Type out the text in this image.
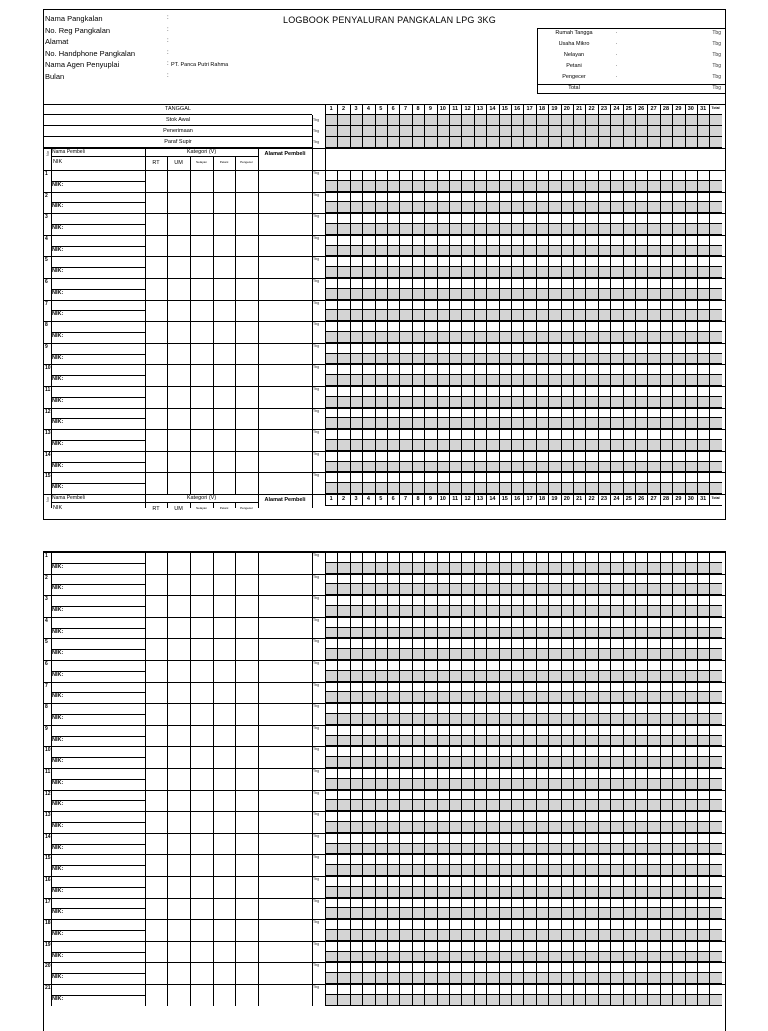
Nama Pangkalan	:
No. Reg Pangkalan	:
Alamat	:
No. Handphone Pangkalan	:
Nama Agen Penyuplai	: PT. Panca Putri Rahma
Bulan	:
LOGBOOK PENYALURAN PANGKALAN LPG 3KG
Rumah Tangga	.	Tbg
Usaha Mikro	.	Tbg
Nelayan	.	Tbg
Petani	.	Tbg
Pengecer	.	Tbg
Total	Tbg
TANGGAL	1	2	3	4	5	6	7	8	9	10	11	12	13	14	15	16	17	18	19	20	21	22	23	24	25	26	27	28	29	30	31	Total
Stok Awal	Tbg
Penerimaan	Tbg
Paraf Supir	Tbg
No Nama Pembeli
NIK
Kategori (V)
RT	UM	Nelayan	Petani	Pengecer
Alamat Pembeli
1
NIK:
Tbg
2
NIK:
Tbg
3
NIK:
Tbg
4
NIK:
Tbg
5
NIK:
Tbg
6
NIK:
Tbg
7
NIK:
Tbg
8
NIK:
Tbg
9
NIK:
Tbg
10
NIK:
Tbg
11
NIK:
Tbg
12
NIK:
Tbg
13
NIK:
Tbg
14
NIK:
Tbg
15
NIK:
Tbg
No Nama Pembeli
NIK
Kategori (V)
RT	UM	Nelayan	Petani	Pengecer
Alamat Pembeli	1	2	3	4	5	6	7	8	9	10	11	12	13	14	15	16	17	18	19	20	21	22	23	24	25	26	27	28	29	30	31	Total
1
NIK:
Tbg
2
NIK:
Tbg
3
NIK:
Tbg
4
NIK:
Tbg
5
NIK:
Tbg
6
NIK:
Tbg
7
NIK:
Tbg
8
NIK:
Tbg
9
NIK:
Tbg
10
NIK:
Tbg
11
NIK:
Tbg
12
NIK:
Tbg
13
NIK:
Tbg
14
NIK:
Tbg
15
NIK:
Tbg
16
NIK:
Tbg
17
NIK:
Tbg
18
NIK:
Tbg
19
NIK:
Tbg
20
NIK:
Tbg
21
NIK:
Tbg
